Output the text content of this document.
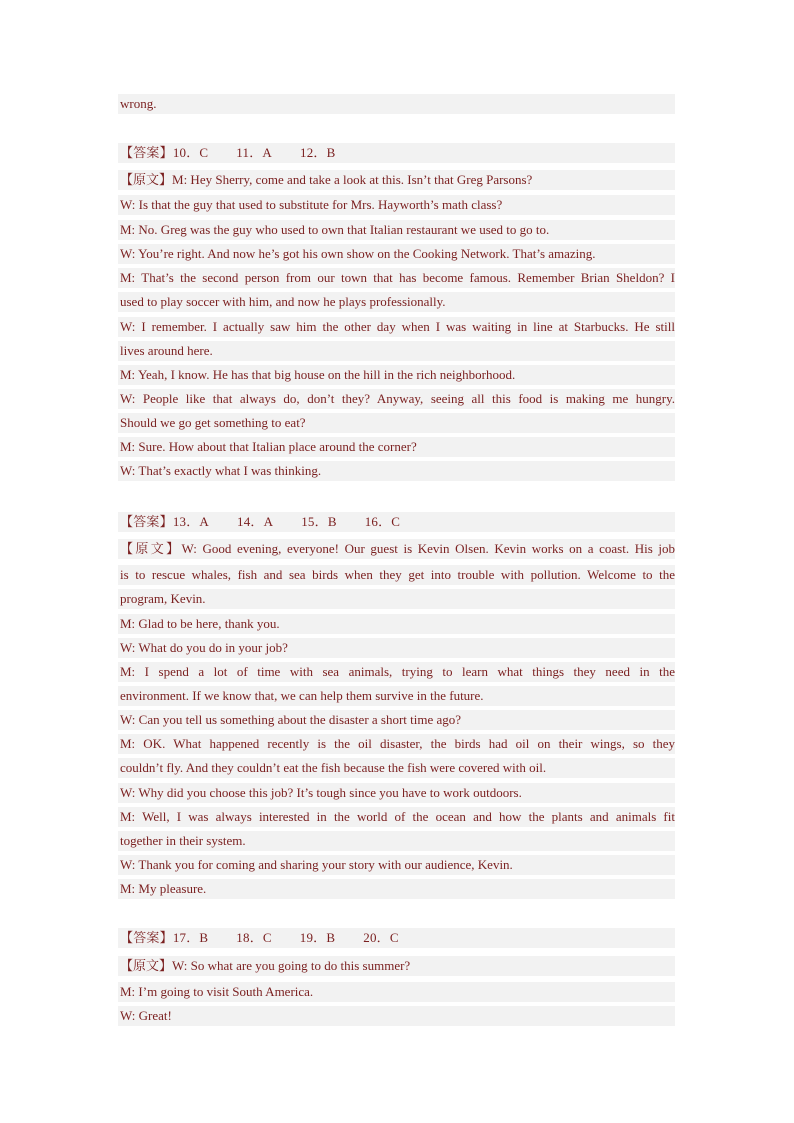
wrong.
【答案】10．C 11．A 12．B
【原文】M: Hey Sherry, come and take a look at this. Isn’t that Greg Parsons?
W: Is that the guy that used to substitute for Mrs. Hayworth’s math class?
M: No. Greg was the guy who used to own that Italian restaurant we used to go to.
W: You’re right. And now he’s got his own show on the Cooking Network. That’s amazing.
M: That’s the second person from our town that has become famous. Remember Brian Sheldon? I
used to play soccer with him, and now he plays professionally.
W: I remember. I actually saw him the other day when I was waiting in line at Starbucks. He still
lives around here.
M: Yeah, I know. He has that big house on the hill in the rich neighborhood.
W: People like that always do, don’t they? Anyway, seeing all this food is making me hungry.
Should we go get something to eat?
M: Sure. How about that Italian place around the corner?
W: That’s exactly what I was thinking.
【答案】13．A 14．A 15．B 16．C
【原文】W: Good evening, everyone! Our guest is Kevin Olsen. Kevin works on a coast. His job
is to rescue whales, fish and sea birds when they get into trouble with pollution. Welcome to the
program, Kevin.
M: Glad to be here, thank you.
W: What do you do in your job?
M: I spend a lot of time with sea animals, trying to learn what things they need in the
environment. If we know that, we can help them survive in the future.
W: Can you tell us something about the disaster a short time ago?
M: OK. What happened recently is the oil disaster, the birds had oil on their wings, so they
couldn’t fly. And they couldn’t eat the fish because the fish were covered with oil.
W: Why did you choose this job? It’s tough since you have to work outdoors.
M: Well, I was always interested in the world of the ocean and how the plants and animals fit
together in their system.
W: Thank you for coming and sharing your story with our audience, Kevin.
M: My pleasure.
【答案】17．B 18．C 19．B 20．C
【原文】W: So what are you going to do this summer?
M: I’m going to visit South America.
W: Great!
